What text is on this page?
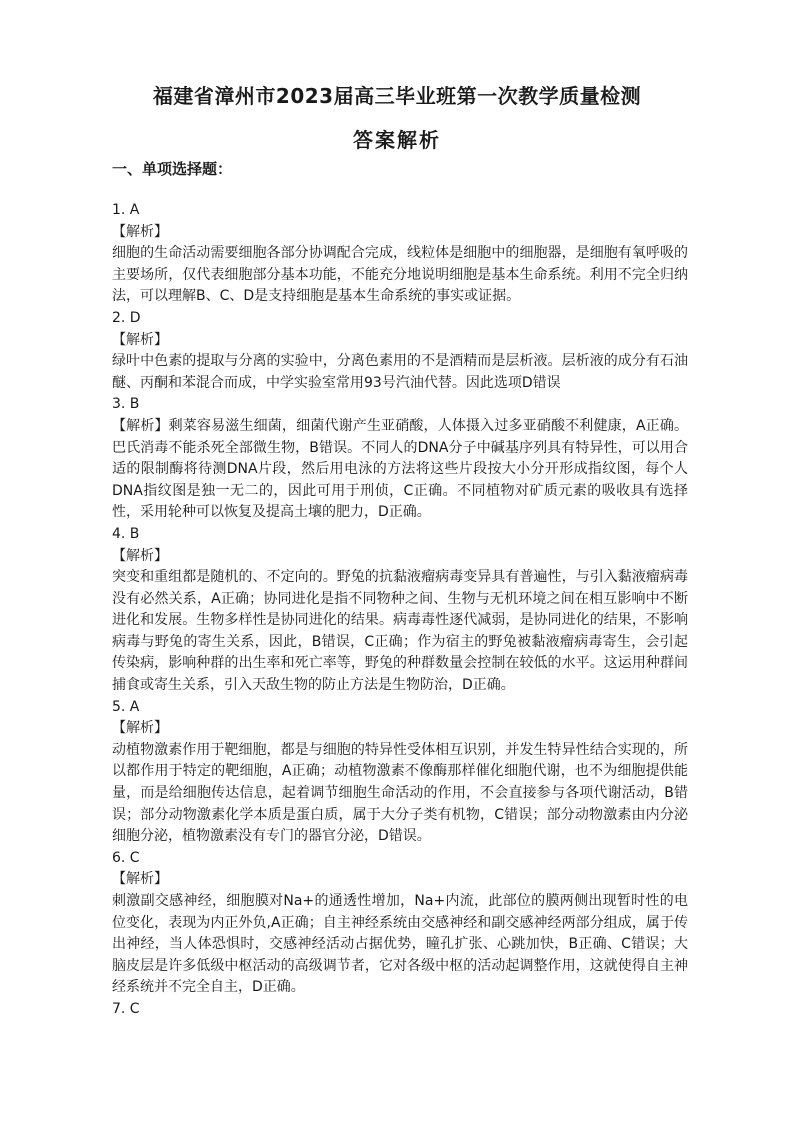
福建省漳州市2023届高三毕业班第一次教学质量检测
答案解析
一、单项选择题：
1. A
【解析】
细胞的生命活动需要细胞各部分协调配合完成，线粒体是细胞中的细胞器，是细胞有氧呼吸的主要场所，仅代表细胞部分基本功能，不能充分地说明细胞是基本生命系统。利用不完全归纳法，可以理解B、C、D是支持细胞是基本生命系统的事实或证据。
2. D
【解析】
绿叶中色素的提取与分离的实验中，分离色素用的不是酒精而是层析液。层析液的成分有石油醚、丙酮和苯混合而成，中学实验室常用93号汽油代替。因此选项D错误
3. B
【解析】剩菜容易滋生细菌，细菌代谢产生亚硝酸，人体摄入过多亚硝酸不利健康，A正确。巴氏消毒不能杀死全部微生物，B错误。不同人的DNA分子中碱基序列具有特异性，可以用合适的限制酶将待测DNA片段，然后用电泳的方法将这些片段按大小分开形成指纹图，每个人DNA指纹图是独一无二的，因此可用于刑侦，C正确。不同植物对矿质元素的吸收具有选择性，采用轮种可以恢复及提高土壤的肥力，D正确。
4. B
【解析】
突变和重组都是随机的、不定向的。野兔的抗黏液瘤病毒变异具有普遍性，与引入黏液瘤病毒没有必然关系，A正确；协同进化是指不同物种之间、生物与无机环境之间在相互影响中不断进化和发展。生物多样性是协同进化的结果。病毒毒性逐代减弱，是协同进化的结果，不影响病毒与野兔的寄生关系，因此，B错误，C正确；作为宿主的野兔被黏液瘤病毒寄生，会引起传染病，影响种群的出生率和死亡率等，野兔的种群数量会控制在较低的水平。这运用种群间捕食或寄生关系，引入天敌生物的防止方法是生物防治，D正确。
5. A
【解析】
动植物激素作用于靶细胞，都是与细胞的特异性受体相互识别，并发生特异性结合实现的，所以都作用于特定的靶细胞，A正确；动植物激素不像酶那样催化细胞代谢，也不为细胞提供能量，而是给细胞传达信息，起着调节细胞生命活动的作用，不会直接参与各项代谢活动，B错误；部分动物激素化学本质是蛋白质，属于大分子类有机物，C错误；部分动物激素由内分泌细胞分泌，植物激素没有专门的器官分泌，D错误。
6. C
【解析】
刺激副交感神经，细胞膜对Na+的通透性增加，Na+内流，此部位的膜两侧出现暂时性的电位变化，表现为内正外负,A正确；自主神经系统由交感神经和副交感神经两部分组成，属于传出神经，当人体恐惧时，交感神经活动占据优势，瞳孔扩张、心跳加快，B正确、C错误；大脑皮层是许多低级中枢活动的高级调节者，它对各级中枢的活动起调整作用，这就使得自主神经系统并不完全自主，D正确。
7. C
